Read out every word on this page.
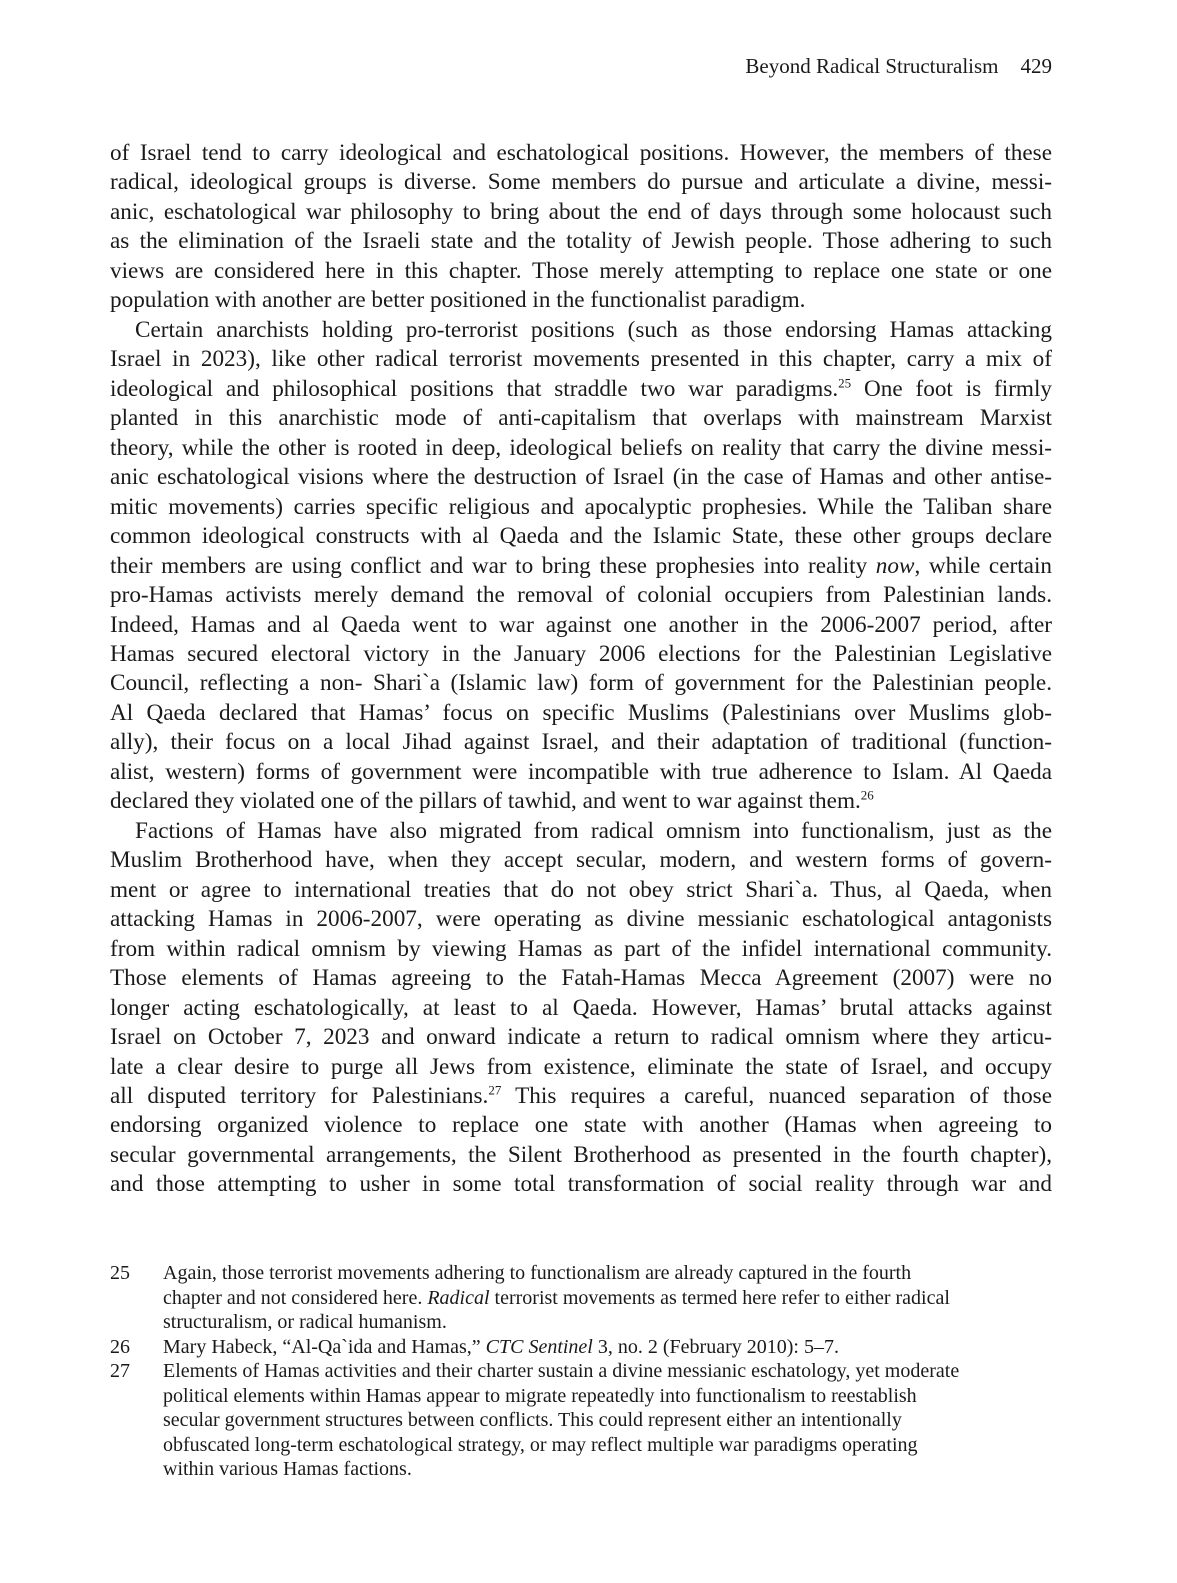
Beyond Radical Structuralism 429
of Israel tend to carry ideological and eschatological positions. However, the members of these
radical, ideological groups is diverse. Some members do pursue and articulate a divine, messi-
anic, eschatological war philosophy to bring about the end of days through some holocaust such
as the elimination of the Israeli state and the totality of Jewish people. Those adhering to such
views are considered here in this chapter. Those merely attempting to replace one state or one
population with another are better positioned in the functionalist paradigm.
Certain anarchists holding pro-terrorist positions (such as those endorsing Hamas attacking
Israel in 2023), like other radical terrorist movements presented in this chapter, carry a mix of
ideological and philosophical positions that straddle two war paradigms.$^{25}$ One foot is firmly
planted in this anarchistic mode of anti-capitalism that overlaps with mainstream Marxist
theory, while the other is rooted in deep, ideological beliefs on reality that carry the divine messi-
anic eschatological visions where the destruction of Israel (in the case of Hamas and other antise-
mitic movements) carries specific religious and apocalyptic prophesies. While the Taliban share
common ideological constructs with al Qaeda and the Islamic State, these other groups declare
their members are using conflict and war to bring these prophesies into reality now, while certain
pro-Hamas activists merely demand the removal of colonial occupiers from Palestinian lands.
Indeed, Hamas and al Qaeda went to war against one another in the 2006-2007 period, after
Hamas secured electoral victory in the January 2006 elections for the Palestinian Legislative
Council, reflecting a non- Shari`a (Islamic law) form of government for the Palestinian people.
Al Qaeda declared that Hamas’ focus on specific Muslims (Palestinians over Muslims glob-
ally), their focus on a local Jihad against Israel, and their adaptation of traditional (function-
alist, western) forms of government were incompatible with true adherence to Islam. Al Qaeda
declared they violated one of the pillars of tawhid, and went to war against them.$^{26}$
Factions of Hamas have also migrated from radical omnism into functionalism, just as the
Muslim Brotherhood have, when they accept secular, modern, and western forms of govern-
ment or agree to international treaties that do not obey strict Shari`a. Thus, al Qaeda, when
attacking Hamas in 2006-2007, were operating as divine messianic eschatological antagonists
from within radical omnism by viewing Hamas as part of the infidel international community.
Those elements of Hamas agreeing to the Fatah-Hamas Mecca Agreement (2007) were no
longer acting eschatologically, at least to al Qaeda. However, Hamas’ brutal attacks against
Israel on October 7, 2023 and onward indicate a return to radical omnism where they articu-
late a clear desire to purge all Jews from existence, eliminate the state of Israel, and occupy
all disputed territory for Palestinians.$^{27}$ This requires a careful, nuanced separation of those
endorsing organized violence to replace one state with another (Hamas when agreeing to
secular governmental arrangements, the Silent Brotherhood as presented in the fourth chapter),
and those attempting to usher in some total transformation of social reality through war and
25 Again, those terrorist movements adhering to functionalism are already captured in the fourth
chapter and not considered here. Radical terrorist movements as termed here refer to either radical
structuralism, or radical humanism.
26 Mary Habeck, “Al-Qa`ida and Hamas,” CTC Sentinel 3, no. 2 (February 2010): 5–7.
27 Elements of Hamas activities and their charter sustain a divine messianic eschatology, yet moderate
political elements within Hamas appear to migrate repeatedly into functionalism to reestablish
secular government structures between conflicts. This could represent either an intentionally
obfuscated long-term eschatological strategy, or may reflect multiple war paradigms operating
within various Hamas factions.
